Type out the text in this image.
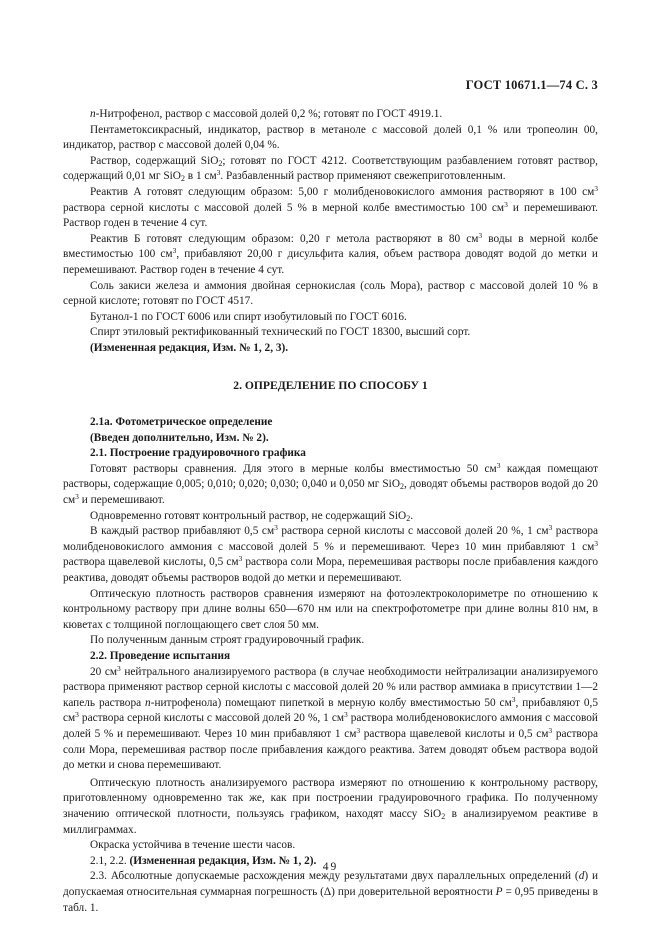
ГОСТ 10671.1—74 С. 3

n-Нитрофенол, раствор с массовой долей 0,2 %; готовят по ГОСТ 4919.1.

Пентаметоксикрасный, индикатор, раствор в метаноле с массовой долей 0,1 % или тропеолин 00, индикатор, раствор с массовой долей 0,04 %.

Раствор, содержащий SiO$_2$; готовят по ГОСТ 4212. Соответствующим разбавлением готовят раствор, содержащий 0,01 мг SiO$_2$ в 1 $см^3$. Разбавленный раствор применяют свежеприготовленным.

Реактив А готовят следующим образом: 5,00 г молибденовокислого аммония растворяют в 100 $см^3$ раствора серной кислоты с массовой долей 5 % в мерной колбе вместимостью 100 $см^3$ и перемешивают. Раствор годен в течение 4 сут.

Реактив Б готовят следующим образом: 0,20 г метола растворяют в 80 $см^3$ воды в мерной колбе вместимостью 100 $см^3$, прибавляют 20,00 г дисульфита калия, объем раствора доводят водой до метки и перемешивают. Раствор годен в течение 4 сут.

Соль закиси железа и аммония двойная сернокислая (соль Мора), раствор с массовой долей 10 % в серной кислоте; готовят по ГОСТ 4517.

Бутанол-1 по ГОСТ 6006 или спирт изобутиловый по ГОСТ 6016.

Спирт этиловый ректификованный технический по ГОСТ 18300, высший сорт.

(Измененная редакция, Изм. № 1, 2, 3).

2. ОПРЕДЕЛЕНИЕ ПО СПОСОБУ 1

2.1а. Фотометрическое определение

(Введен дополнительно, Изм. № 2).

2.1. Построение градуировочного графика

Готовят растворы сравнения. Для этого в мерные колбы вместимостью 50 $см^3$ каждая помещают растворы, содержащие 0,005; 0,010; 0,020; 0,030; 0,040 и 0,050 мг SiO$_2$, доводят объемы растворов водой до 20 $см^3$ и перемешивают.

Одновременно готовят контрольный раствор, не содержащий SiO$_2$.

В каждый раствор прибавляют 0,5 $см^3$ раствора серной кислоты с массовой долей 20 %, 1 $см^3$ раствора молибденовокислого аммония с массовой долей 5 % и перемешивают. Через 10 мин прибавляют 1 $см^3$ раствора щавелевой кислоты, 0,5 $см^3$ раствора соли Мора, перемешивая растворы после прибавления каждого реактива, доводят объемы растворов водой до метки и перемешивают.

Оптическую плотность растворов сравнения измеряют на фотоэлектроколориметре по отношению к контрольному раствору при длине волны 650—670 нм или на спектрофотометре при длине волны 810 нм, в кюветах с толщиной поглощающего свет слоя 50 мм.

По полученным данным строят градуировочный график.

2.2. Проведение испытания

20 $см^3$ нейтрального анализируемого раствора (в случае необходимости нейтрализации анализируемого раствора применяют раствор серной кислоты с массовой долей 20 % или раствор аммиака в присутствии 1—2 капель раствора n-нитрофенола) помещают пипеткой в мерную колбу вместимостью 50 $см^3$, прибавляют 0,5 $см^3$ раствора серной кислоты с массовой долей 20 %, 1 $см^3$ раствора молибденовокислого аммония с массовой долей 5 % и перемешивают. Через 10 мин прибавляют 1 $см^3$ раствора щавелевой кислоты и 0,5 $см^3$ раствора соли Мора, перемешивая раствор после прибавления каждого реактива. Затем доводят объем раствора водой до метки и снова перемешивают.

Оптическую плотность анализируемого раствора измеряют по отношению к контрольному раствору, приготовленному одновременно так же, как при построении градуировочного графика. По полученному значению оптической плотности, пользуясь графиком, находят массу SiO$_2$ в анализируемом реактиве в миллиграммах.

Окраска устойчива в течение шести часов.

2.1, 2.2. (Измененная редакция, Изм. № 1, 2).

2.3. Абсолютные допускаемые расхождения между результатами двух параллельных определений (d) и допускаемая относительная суммарная погрешность (Δ) при доверительной вероятности P = 0,95 приведены в табл. 1.

49
